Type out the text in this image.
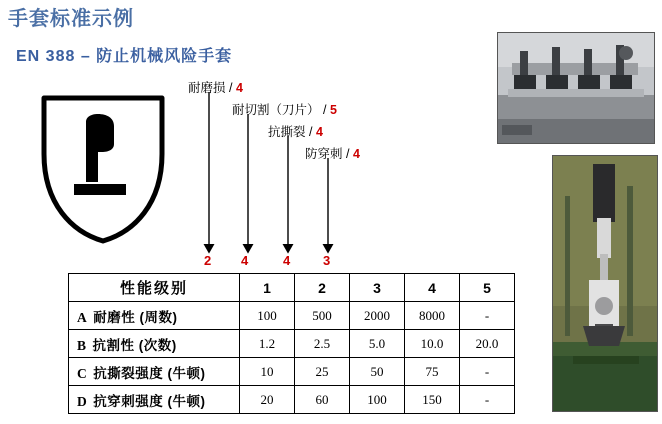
手套标准示例
EN 388 – 防止机械风险手套
耐磨损 / 4
耐切割（刀片） / 5
抗撕裂 / 4
防穿刺 / 4
2 4	4	3
性能级别	1	2	3	4	5
A 耐磨性 (周数)	100	500	2000	8000	-
B 抗割性 (次数)	1.2	2.5	5.0	10.0	20.0
C 抗撕裂强度 (牛顿)	10	25	50	75	-
D 抗穿刺强度 (牛顿)	20	60	100	150	-
